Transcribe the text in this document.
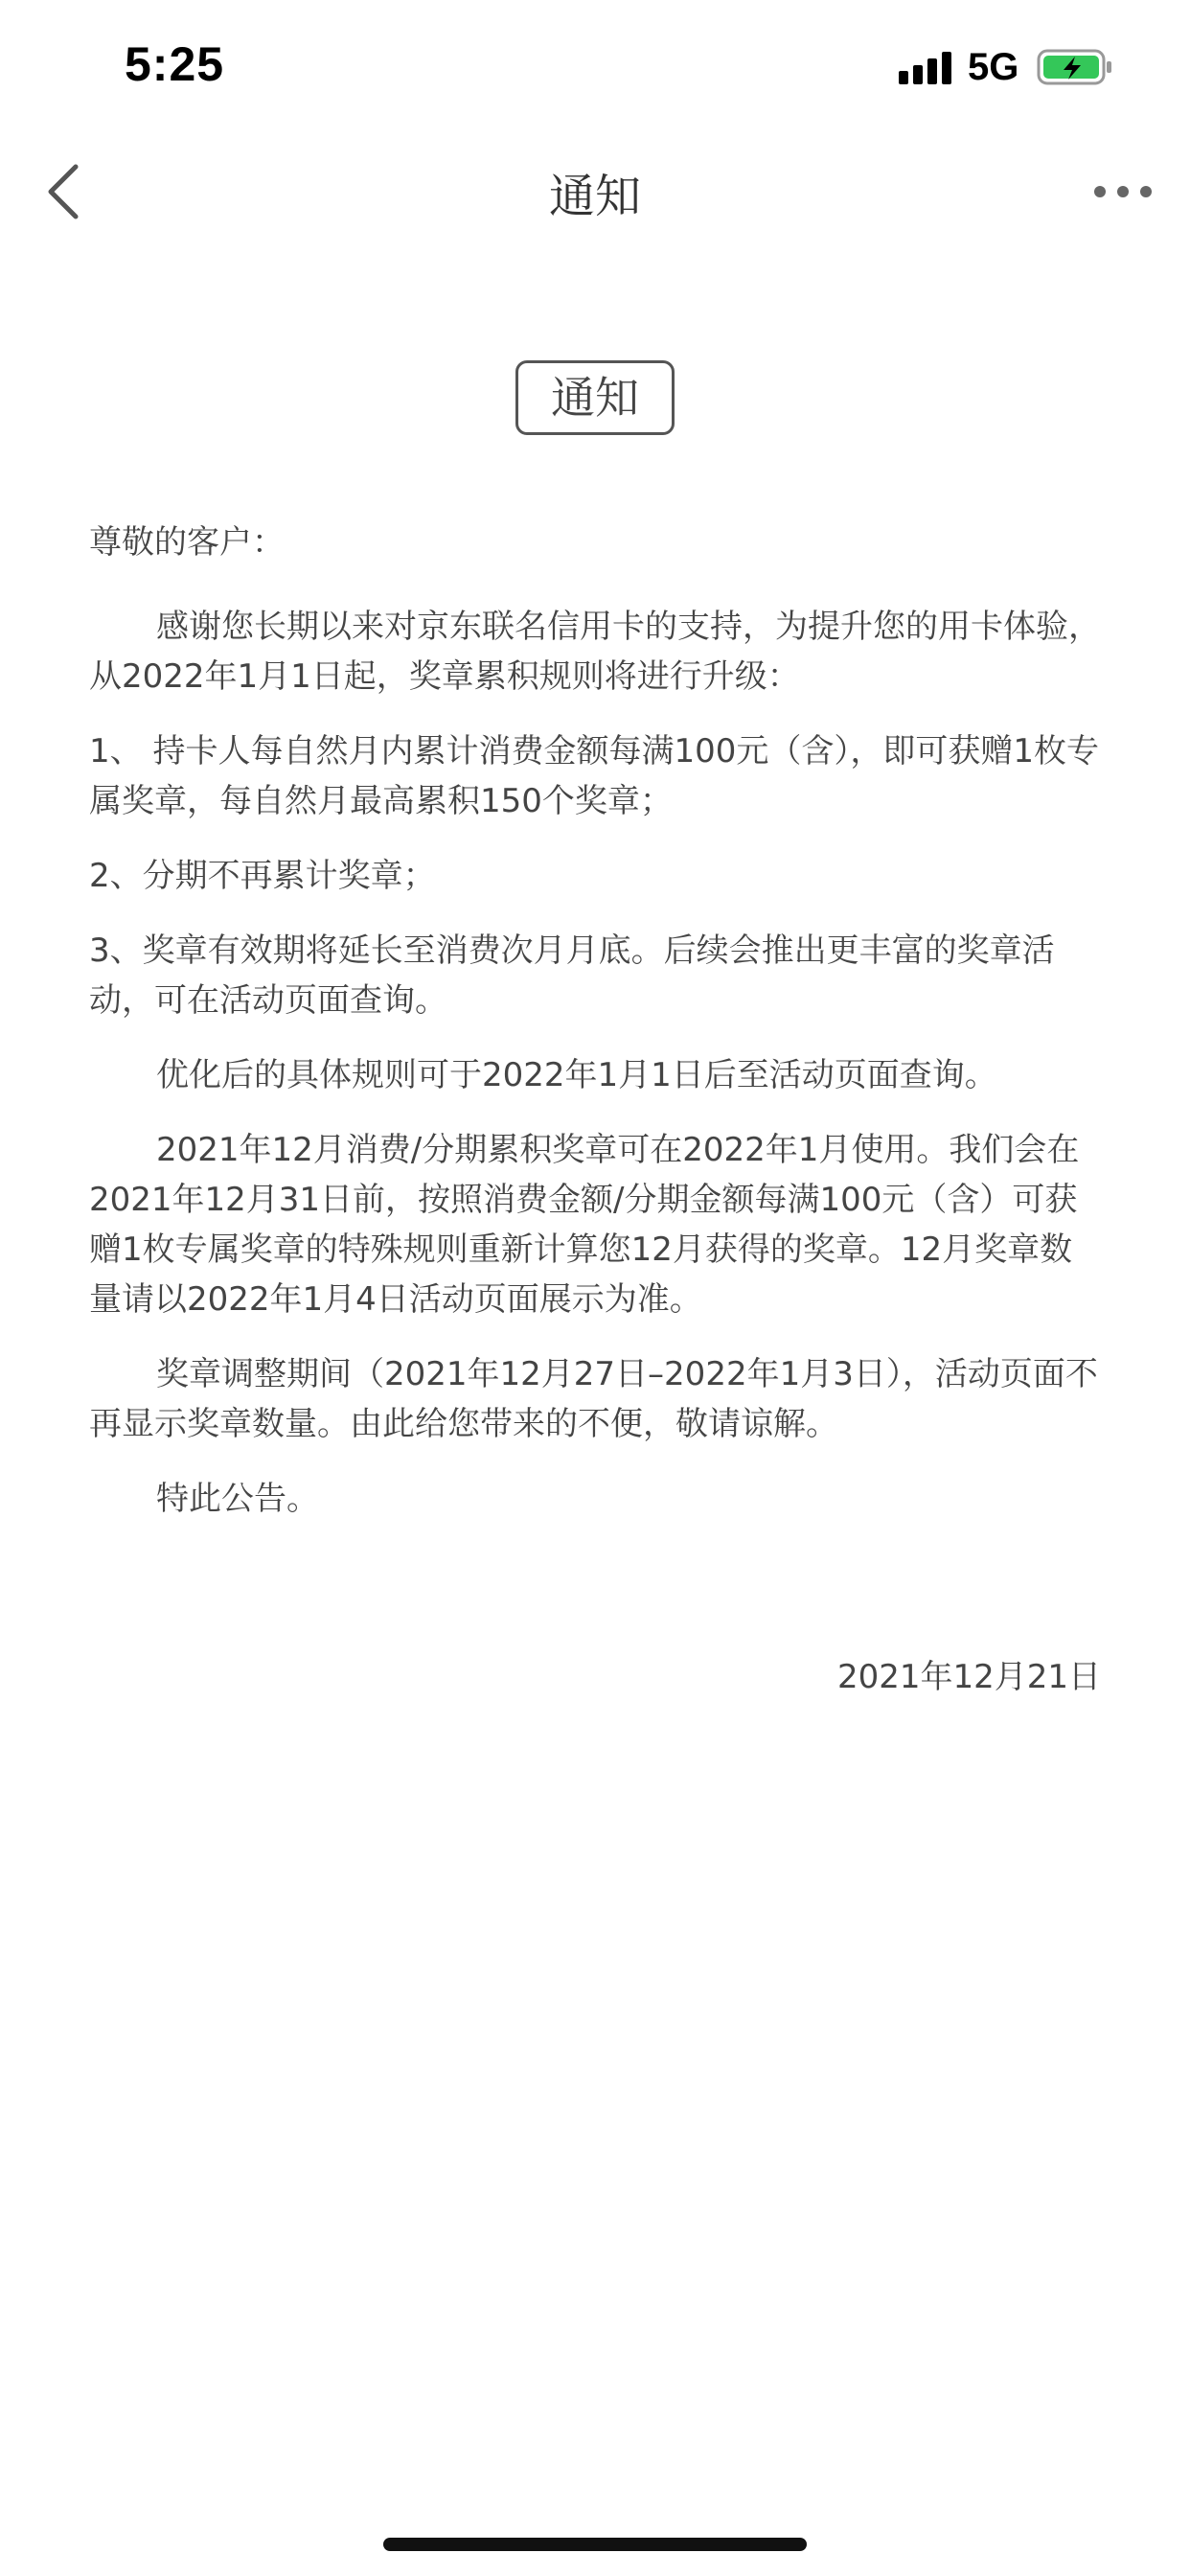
5:25	5G
通知
通知

尊敬的客户：

感谢您长期以来对京东联名信用卡的支持，为提升您的用卡体验，从2022年1月1日起，奖章累积规则将进行升级：

1、 持卡人每自然月内累计消费金额每满100元（含），即可获赠1枚专属奖章，每自然月最高累积150个奖章；

2、分期不再累计奖章；

3、奖章有效期将延长至消费次月月底。后续会推出更丰富的奖章活动，可在活动页面查询。

优化后的具体规则可于2022年1月1日后至活动页面查询。

2021年12月消费/分期累积奖章可在2022年1月使用。我们会在2021年12月31日前，按照消费金额/分期金额每满100元（含）可获赠1枚专属奖章的特殊规则重新计算您12月获得的奖章。12月奖章数量请以2022年1月4日活动页面展示为准。

奖章调整期间（2021年12月27日–2022年1月3日），活动页面不再显示奖章数量。由此给您带来的不便，敬请谅解。

特此公告。

2021年12月21日
